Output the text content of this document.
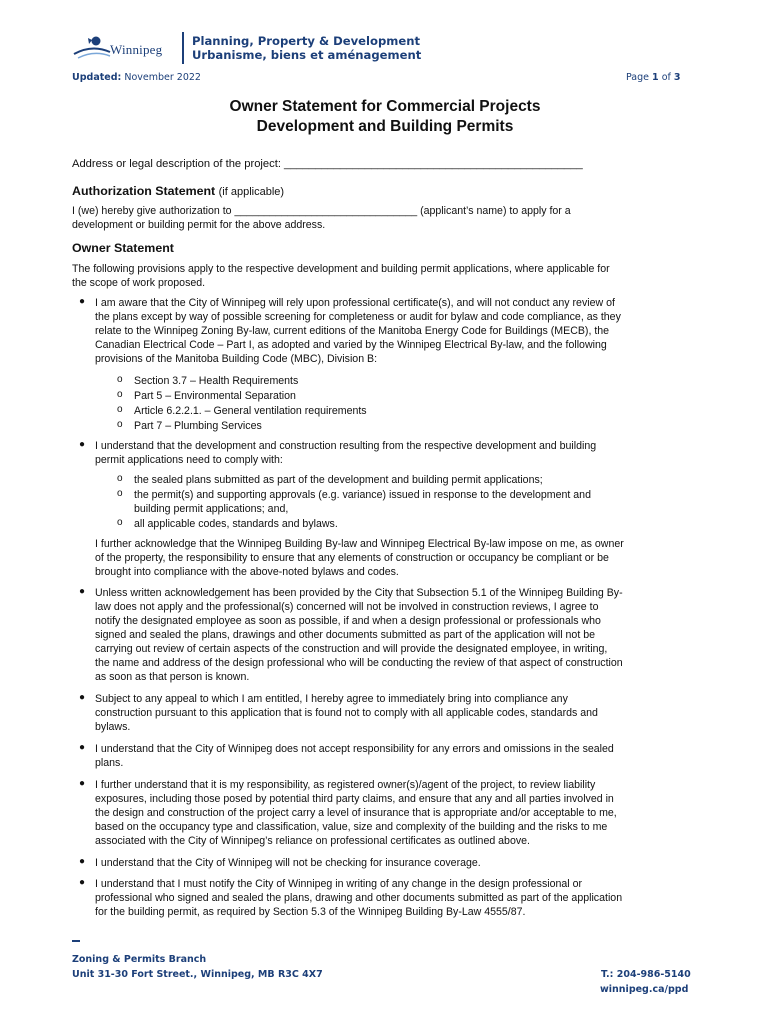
Winnipeg
Planning, Property & Development
Urbanisme, biens et aménagement
Updated: November 2022	Page 1 of 3
Owner Statement for Commercial Projects
Development and Building Permits
Address or legal description of the project: ________________________________________________
Authorization Statement (if applicable)
I (we) hereby give authorization to _______________________________ (applicant’s name) to apply for a
development or building permit for the above address.
Owner Statement
The following provisions apply to the respective development and building permit applications, where applicable for
the scope of work proposed.
● I am aware that the City of Winnipeg will rely upon professional certificate(s), and will not conduct any review of
the plans except by way of possible screening for completeness or audit for bylaw and code compliance, as they
relate to the Winnipeg Zoning By-law, current editions of the Manitoba Energy Code for Buildings (MECB), the
Canadian Electrical Code – Part I, as adopted and varied by the Winnipeg Electrical By-law, and the following
provisions of the Manitoba Building Code (MBC), Division B:
o Section 3.7 – Health Requirements
o Part 5 – Environmental Separation
o Article 6.2.2.1. – General ventilation requirements
o Part 7 – Plumbing Services
● I understand that the development and construction resulting from the respective development and building
permit applications need to comply with:
o the sealed plans submitted as part of the development and building permit applications;
o the permit(s) and supporting approvals (e.g. variance) issued in response to the development and
building permit applications; and,
o all applicable codes, standards and bylaws.
I further acknowledge that the Winnipeg Building By-law and Winnipeg Electrical By-law impose on me, as owner
of the property, the responsibility to ensure that any elements of construction or occupancy be compliant or be
brought into compliance with the above-noted bylaws and codes.
● Unless written acknowledgement has been provided by the City that Subsection 5.1 of the Winnipeg Building By-
law does not apply and the professional(s) concerned will not be involved in construction reviews, I agree to
notify the designated employee as soon as possible, if and when a design professional or professionals who
signed and sealed the plans, drawings and other documents submitted as part of the application will not be
carrying out review of certain aspects of the construction and will provide the designated employee, in writing,
the name and address of the design professional who will be conducting the review of that aspect of construction
as soon as that person is known.
● Subject to any appeal to which I am entitled, I hereby agree to immediately bring into compliance any
construction pursuant to this application that is found not to comply with all applicable codes, standards and
bylaws.
● I understand that the City of Winnipeg does not accept responsibility for any errors and omissions in the sealed
plans.
● I further understand that it is my responsibility, as registered owner(s)/agent of the project, to review liability
exposures, including those posed by potential third party claims, and ensure that any and all parties involved in
the design and construction of the project carry a level of insurance that is appropriate and/or acceptable to me,
based on the occupancy type and classification, value, size and complexity of the building and the risks to me
associated with the City of Winnipeg’s reliance on professional certificates as outlined above.
● I understand that the City of Winnipeg will not be checking for insurance coverage.
● I understand that I must notify the City of Winnipeg in writing of any change in the design professional or
professional who signed and sealed the plans, drawing and other documents submitted as part of the application
for the building permit, as required by Section 5.3 of the Winnipeg Building By-Law 4555/87.
Zoning & Permits Branch
Unit 31-30 Fort Street., Winnipeg, MB R3C 4X7	T.: 204-986-5140
winnipeg.ca/ppd
